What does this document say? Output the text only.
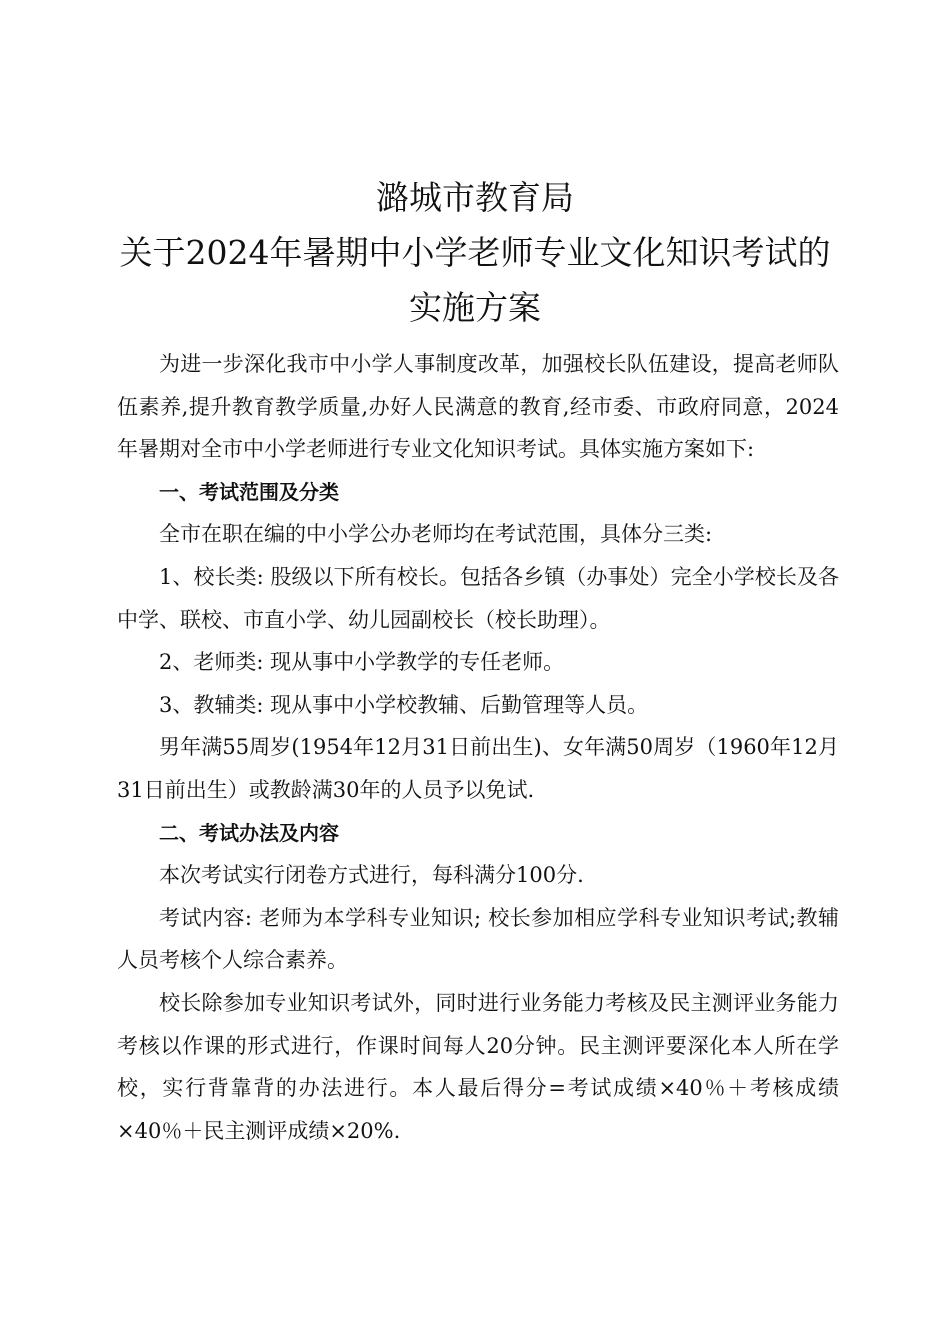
潞城市教育局

关于2024年暑期中小学老师专业文化知识考试的

实施方案

为进一步深化我市中小学人事制度改革，加强校长队伍建设，提高老师队伍素养,提升教育教学质量,办好人民满意的教育,经市委、市政府同意，2024年暑期对全市中小学老师进行专业文化知识考试。具体实施方案如下:

一、考试范围及分类

全市在职在编的中小学公办老师均在考试范围，具体分三类:

1、校长类: 股级以下所有校长。包括各乡镇（办事处）完全小学校长及各中学、联校、市直小学、幼儿园副校长（校长助理）。

2、老师类: 现从事中小学教学的专任老师。

3、教辅类: 现从事中小学校教辅、后勤管理等人员。

男年满55周岁(1954年12月31日前出生)、女年满50周岁（1960年12月31日前出生）或教龄满30年的人员予以免试.

二、考试办法及内容

本次考试实行闭卷方式进行，每科满分100分.

考试内容: 老师为本学科专业知识; 校长参加相应学科专业知识考试;教辅人员考核个人综合素养。

校长除参加专业知识考试外，同时进行业务能力考核及民主测评业务能力考核以作课的形式进行，作课时间每人20分钟。民主测评要深化本人所在学校，实行背靠背的办法进行。本人最后得分=考试成绩×40％＋考核成绩×40％＋民主测评成绩×20%.
